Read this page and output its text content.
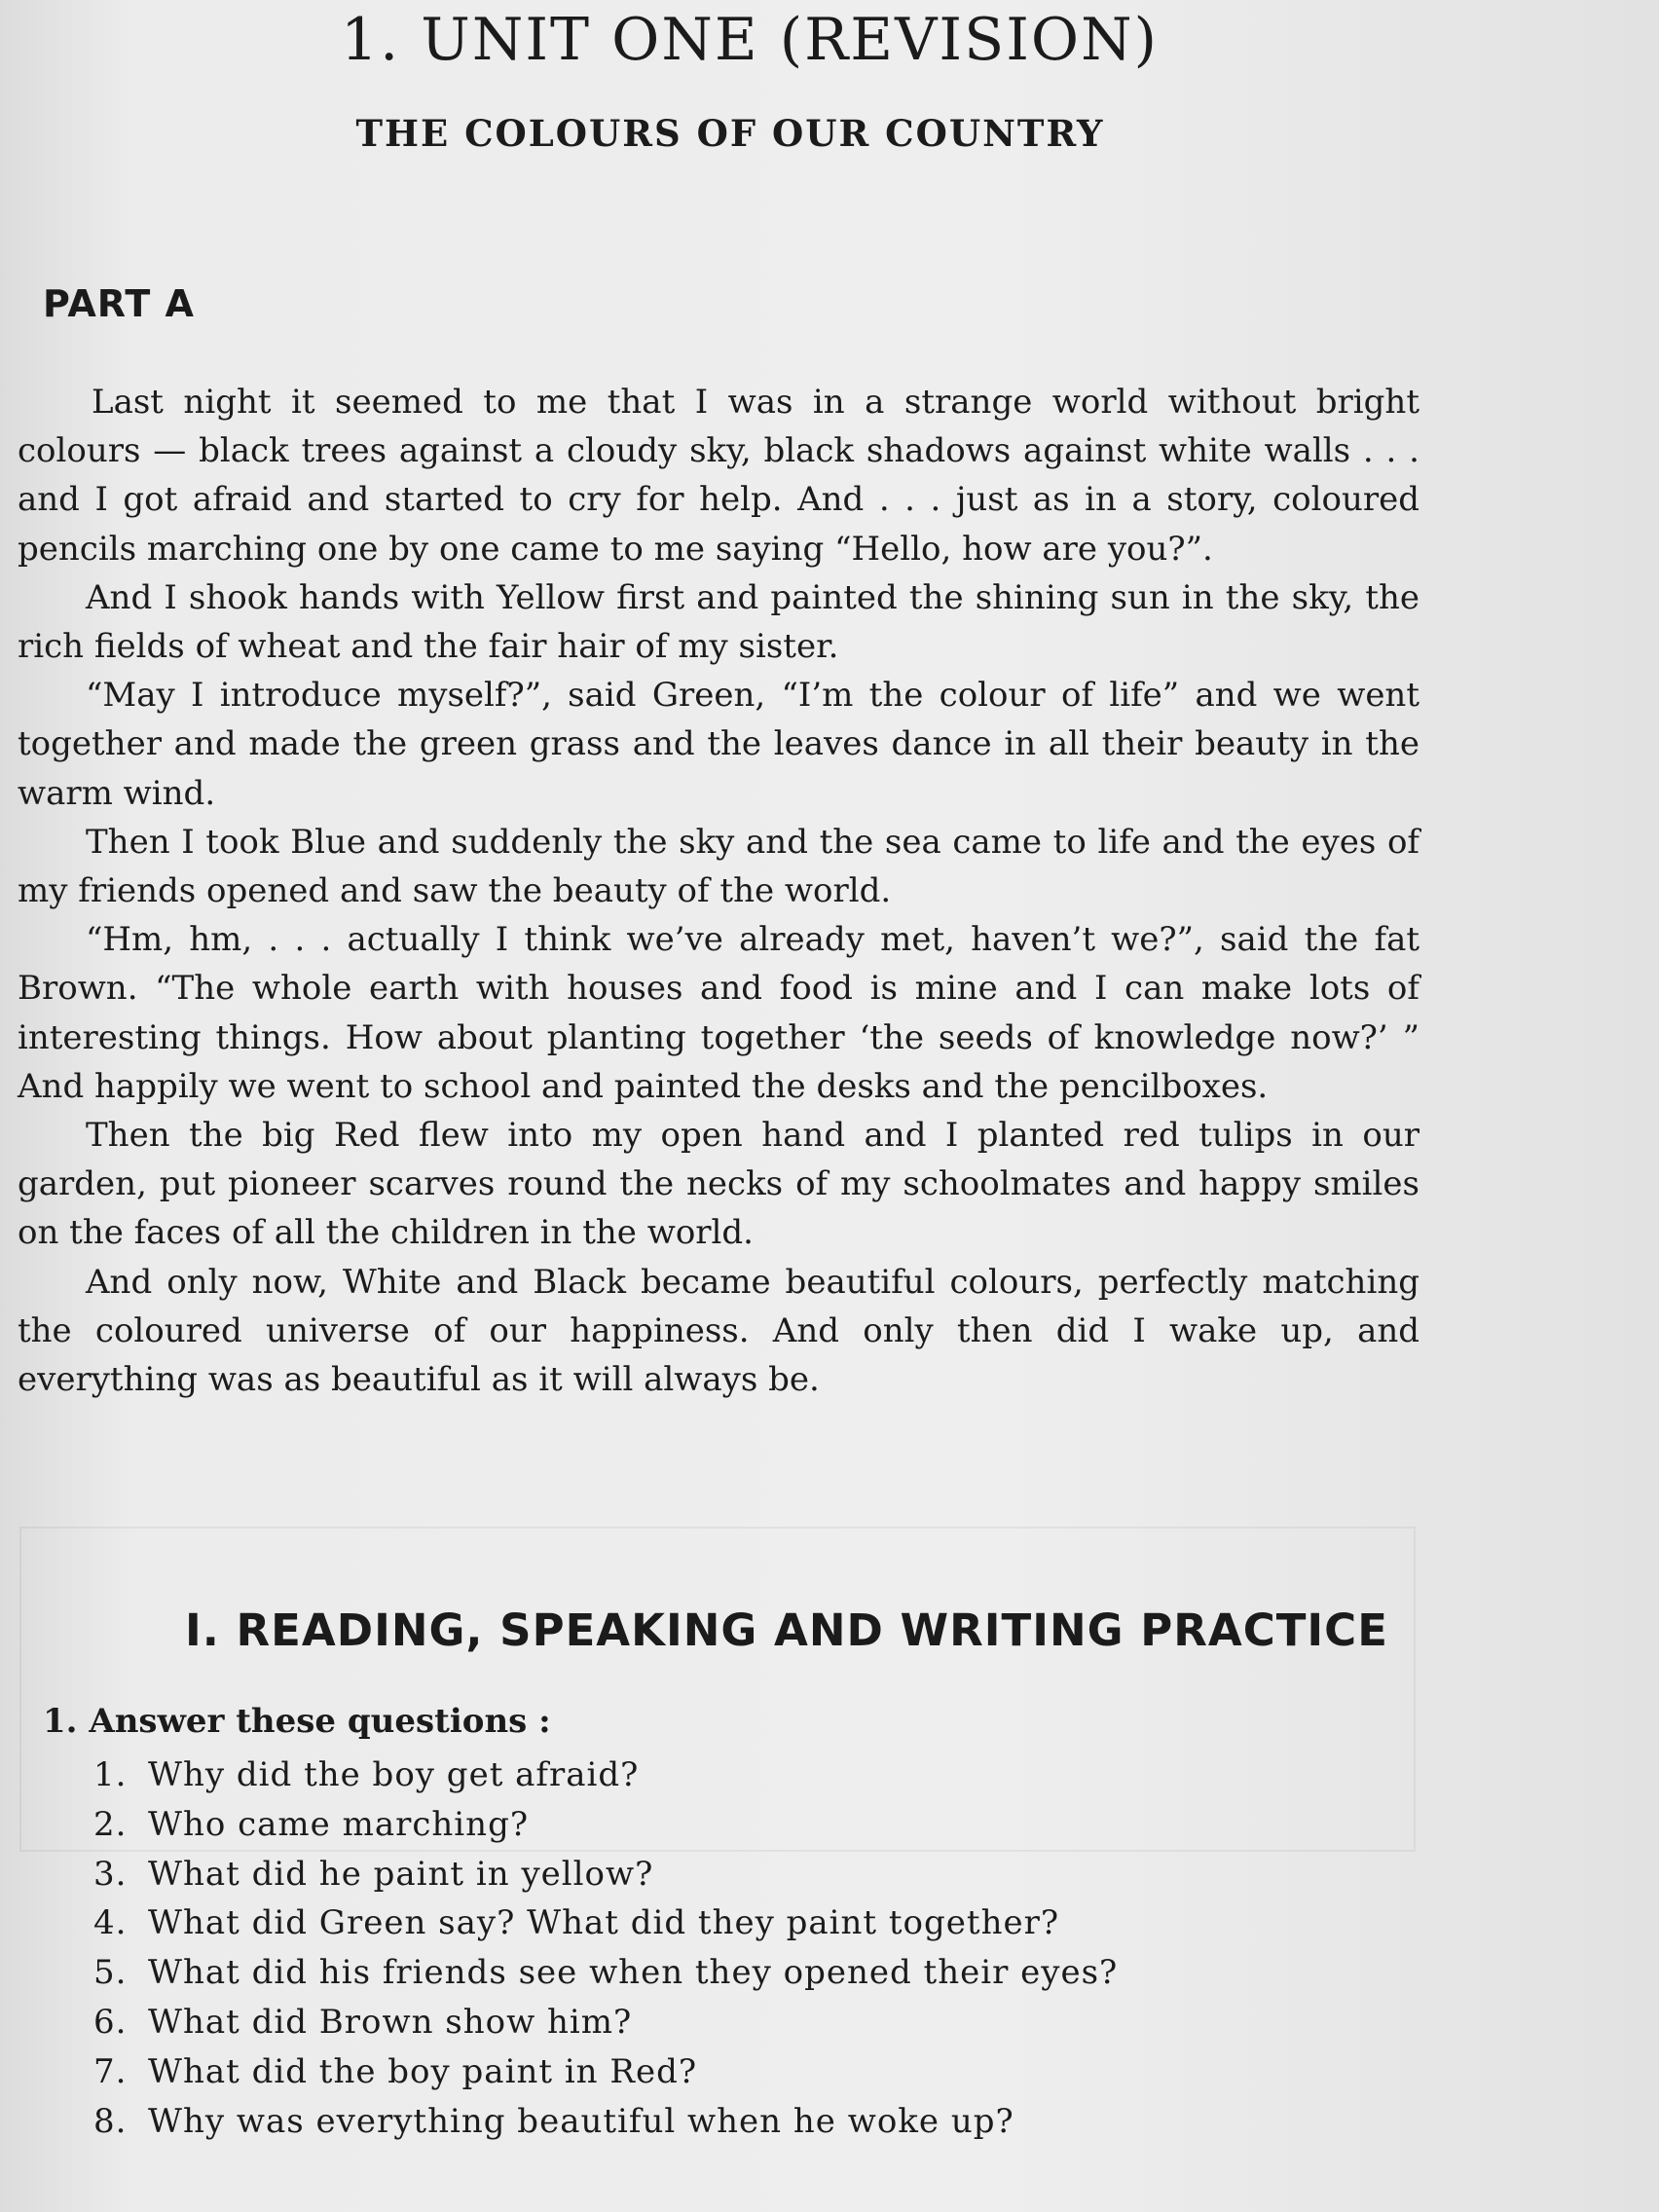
1. UNIT ONE (REVISION)
THE COLOURS OF OUR COUNTRY
PART A

Last night it seemed to me that I was in a strange world without bright colours — black trees against a cloudy sky, black shadows against white walls . . . and I got afraid and started to cry for help. And . . . just as in a story, coloured pencils marching one by one came to me saying “Hello, how are you?”.

And I shook hands with Yellow first and painted the shining sun in the sky, the rich fields of wheat and the fair hair of my sister.

“May I introduce myself?”, said Green, “I’m the colour of life” and we went together and made the green grass and the leaves dance in all their beauty in the warm wind.

Then I took Blue and suddenly the sky and the sea came to life and the eyes of my friends opened and saw the beauty of the world.

“Hm, hm, . . . actually I think we’ve already met, haven’t we?”, said the fat Brown. “The whole earth with houses and food is mine and I can make lots of interesting things. How about planting together ‘the seeds of knowledge now?’ ” And happily we went to school and painted the desks and the pencilboxes.

Then the big Red flew into my open hand and I planted red tulips in our garden, put pioneer scarves round the necks of my schoolmates and happy smiles on the faces of all the children in the world.

And only now, White and Black became beautiful colours, perfectly matching the coloured universe of our happiness. And only then did I wake up, and everything was as beautiful as it will always be.

I. READING, SPEAKING AND WRITING PRACTICE
1. Answer these questions :
1. Why did the boy get afraid?
2. Who came marching?
3. What did he paint in yellow?
4. What did Green say? What did they paint together?
5. What did his friends see when they opened their eyes?
6. What did Brown show him?
7. What did the boy paint in Red?
8. Why was everything beautiful when he woke up?
